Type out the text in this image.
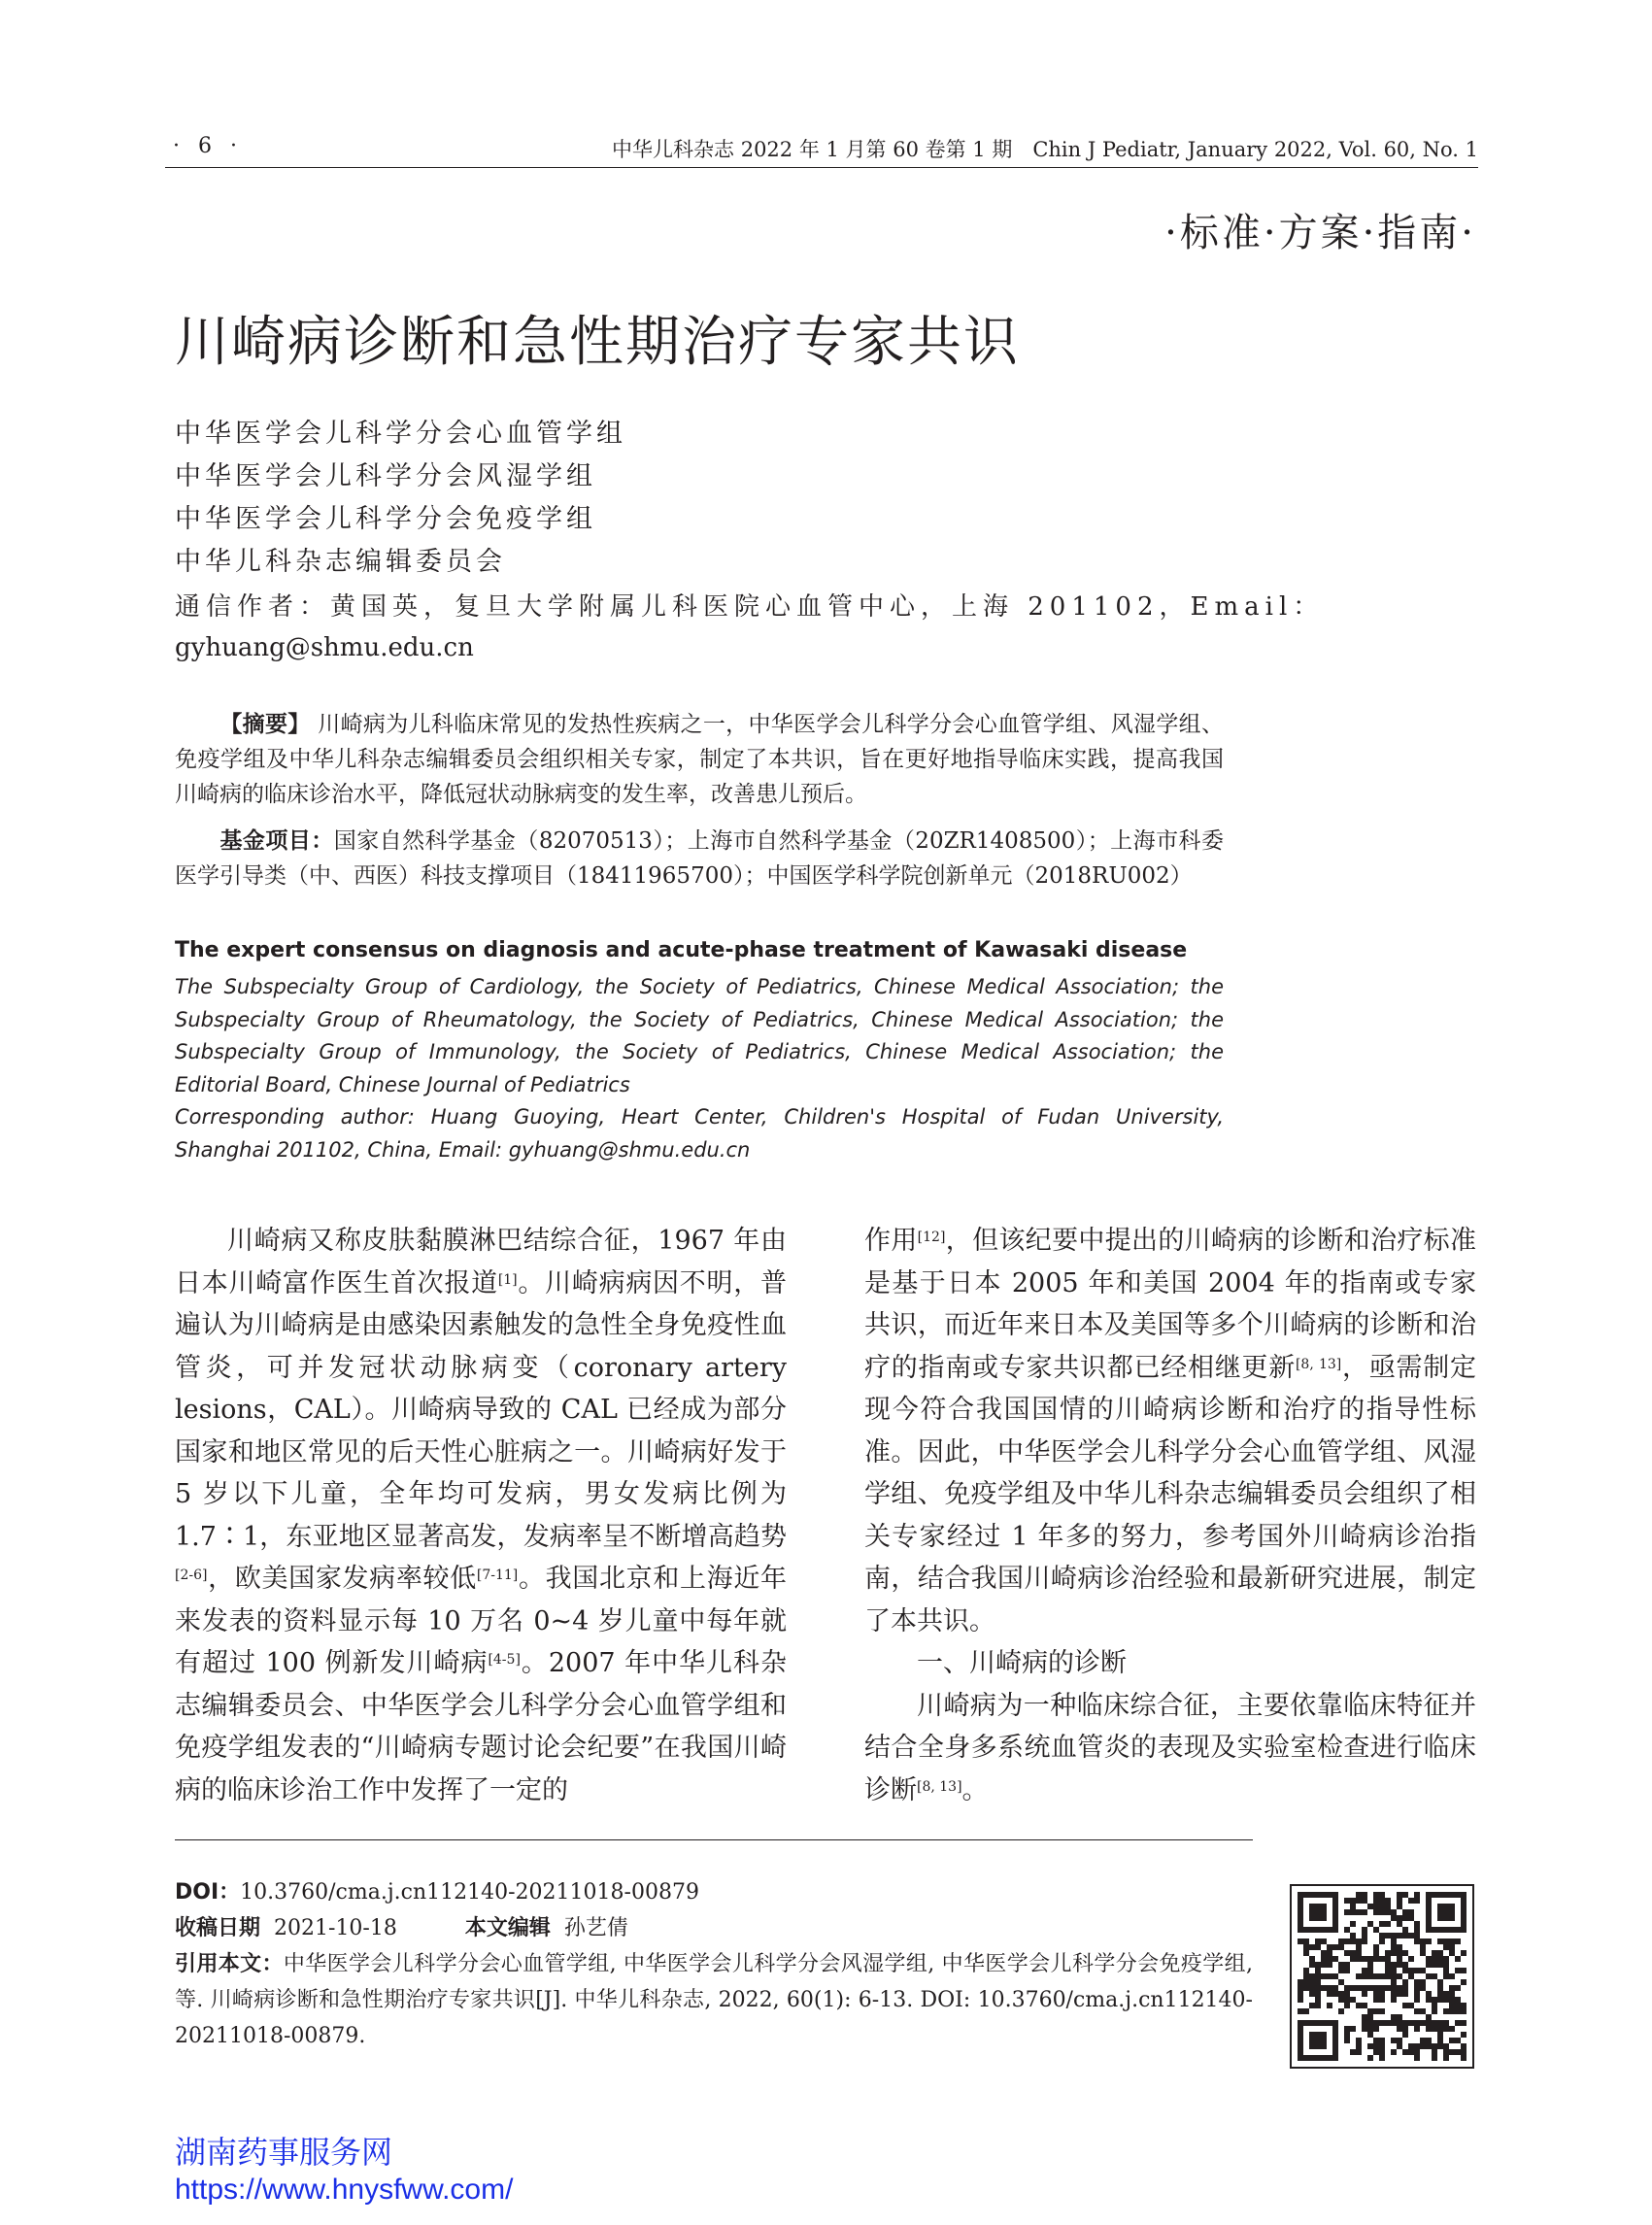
· 6 ·	中华儿科杂志 2022 年 1 月第 60 卷第 1 期　Chin J Pediatr, January 2022, Vol. 60, No. 1
·标准·方案·指南·
川崎病诊断和急性期治疗专家共识
中华医学会儿科学分会心血管学组
中华医学会儿科学分会风湿学组
中华医学会儿科学分会免疫学组
中华儿科杂志编辑委员会
通信作者：黄国英，复旦大学附属儿科医院心血管中心，上海 201102，Email：
gyhuang@shmu.edu.cn
【摘要】 川崎病为儿科临床常见的发热性疾病之一，中华医学会儿科学分会心血管学组、风湿学组、免疫学组及中华儿科杂志编辑委员会组织相关专家，制定了本共识，旨在更好地指导临床实践，提高我国川崎病的临床诊治水平，降低冠状动脉病变的发生率，改善患儿预后。
基金项目：国家自然科学基金（82070513）；上海市自然科学基金（20ZR1408500）；上海市科委医学引导类（中、西医）科技支撑项目（18411965700）；中国医学科学院创新单元（2018RU002）
The expert consensus on diagnosis and acute-phase treatment of Kawasaki disease
The Subspecialty Group of Cardiology, the Society of Pediatrics, Chinese Medical Association; the Subspecialty Group of Rheumatology, the Society of Pediatrics, Chinese Medical Association; the Subspecialty Group of Immunology, the Society of Pediatrics, Chinese Medical Association; the Editorial Board, Chinese Journal of Pediatrics
Corresponding author: Huang Guoying, Heart Center, Children's Hospital of Fudan University, Shanghai 201102, China, Email: gyhuang@shmu.edu.cn

川崎病又称皮肤黏膜淋巴结综合征，1967 年由日本川崎富作医生首次报道[1]。川崎病病因不明，普遍认为川崎病是由感染因素触发的急性全身免疫性血管炎，可并发冠状动脉病变（coronary artery lesions，CAL）。川崎病导致的 CAL 已经成为部分国家和地区常见的后天性心脏病之一。川崎病好发于 5 岁以下儿童，全年均可发病，男女发病比例为 1.7∶1，东亚地区显著高发，发病率呈不断增高趋势[2-6]，欧美国家发病率较低[7-11]。我国北京和上海近年来发表的资料显示每 10 万名 0~4 岁儿童中每年就有超过 100 例新发川崎病[4-5]。2007 年中华儿科杂志编辑委员会、中华医学会儿科学分会心血管学组和免疫学组发表的“川崎病专题讨论会纪要”在我国川崎病的临床诊治工作中发挥了一定的

作用[12]，但该纪要中提出的川崎病的诊断和治疗标准是基于日本 2005 年和美国 2004 年的指南或专家共识，而近年来日本及美国等多个川崎病的诊断和治疗的指南或专家共识都已经相继更新[8, 13]，亟需制定现今符合我国国情的川崎病诊断和治疗的指导性标准。因此，中华医学会儿科学分会心血管学组、风湿学组、免疫学组及中华儿科杂志编辑委员会组织了相关专家经过 1 年多的努力，参考国外川崎病诊治指南，结合我国川崎病诊治经验和最新研究进展，制定了本共识。

一、川崎病的诊断

川崎病为一种临床综合征，主要依靠临床特征并结合全身多系统血管炎的表现及实验室检查进行临床诊断[8, 13]。

DOI：10.3760/cma.j.cn112140-20211018-00879
收稿日期 2021-10-18	本文编辑 孙艺倩
引用本文：中华医学会儿科学分会心血管学组, 中华医学会儿科学分会风湿学组, 中华医学会儿科学分会免疫学组, 等. 川崎病诊断和急性期治疗专家共识[J]. 中华儿科杂志, 2022, 60(1): 6-13. DOI: 10.3760/cma.j.cn112140-20211018-00879.
湖南药事服务网
https://www.hnysfww.com/
